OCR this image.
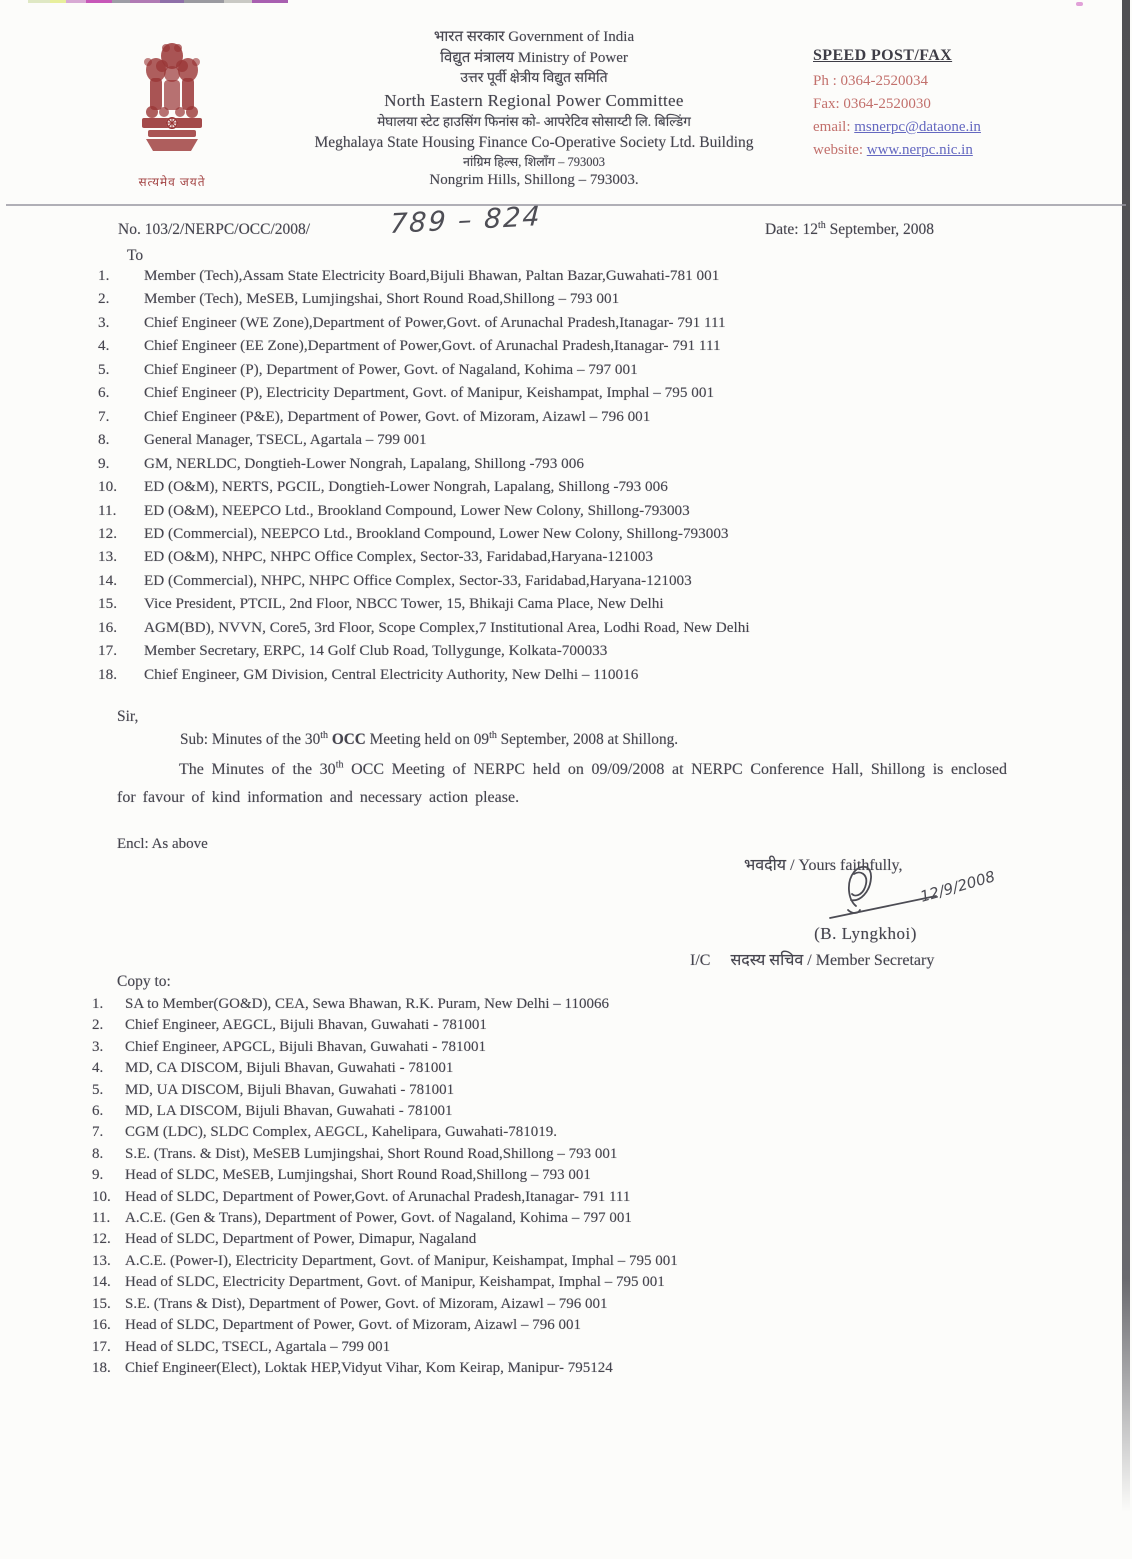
सत्यमेव जयते
भारत सरकार Government of India
विद्युत मंत्रालय Ministry of Power
उत्तर पूर्वी क्षेत्रीय विद्युत समिति
North Eastern Regional Power Committee
मेघालया स्टेट हाउसिंग फिनांस को- आपरेटिव सोसाय्टी लि. बिल्डिंग
Meghalaya State Housing Finance Co-Operative Society Ltd. Building
नांग्रिम हिल्स, शिलाँग – 793003
Nongrim Hills, Shillong – 793003.
SPEED POST/FAX
Ph : 0364-2520034
Fax: 0364-2520030
email: msnerpc@dataone.in
website: www.nerpc.nic.in
No. 103/2/NERPC/OCC/2008/	789 – 824	Date: 12th September, 2008
To
1. Member (Tech),Assam State Electricity Board,Bijuli Bhawan, Paltan Bazar,Guwahati-781 001
2. Member (Tech), MeSEB, Lumjingshai, Short Round Road,Shillong – 793 001
3. Chief Engineer (WE Zone),Department of Power,Govt. of Arunachal Pradesh,Itanagar- 791 111
4. Chief Engineer (EE Zone),Department of Power,Govt. of Arunachal Pradesh,Itanagar- 791 111
5. Chief Engineer (P), Department of Power, Govt. of Nagaland, Kohima – 797 001
6. Chief Engineer (P), Electricity Department, Govt. of Manipur, Keishampat, Imphal – 795 001
7. Chief Engineer (P&E), Department of Power, Govt. of Mizoram, Aizawl – 796 001
8. General Manager, TSECL, Agartala – 799 001
9. GM, NERLDC, Dongtieh-Lower Nongrah, Lapalang, Shillong -793 006
10. ED (O&M), NERTS, PGCIL, Dongtieh-Lower Nongrah, Lapalang, Shillong -793 006
11. ED (O&M), NEEPCO Ltd., Brookland Compound, Lower New Colony, Shillong-793003
12. ED (Commercial), NEEPCO Ltd., Brookland Compound, Lower New Colony, Shillong-793003
13. ED (O&M), NHPC, NHPC Office Complex, Sector-33, Faridabad,Haryana-121003
14. ED (Commercial), NHPC, NHPC Office Complex, Sector-33, Faridabad,Haryana-121003
15. Vice President, PTCIL, 2nd Floor, NBCC Tower, 15, Bhikaji Cama Place, New Delhi
16. AGM(BD), NVVN, Core5, 3rd Floor, Scope Complex,7 Institutional Area, Lodhi Road, New Delhi
17. Member Secretary, ERPC, 14 Golf Club Road, Tollygunge, Kolkata-700033
18. Chief Engineer, GM Division, Central Electricity Authority, New Delhi – 110016
Sir,
Sub: Minutes of the 30th OCC Meeting held on 09th September, 2008 at Shillong.
The Minutes of the 30th OCC Meeting of NERPC held on 09/09/2008 at NERPC Conference Hall, Shillong is enclosed for favour of kind information and necessary action please.
Encl: As above
भवदीय / Yours faithfully,
12/9/2008
(B. Lyngkhoi)
I/C सदस्य सचिव / Member Secretary
Copy to:
1. SA to Member(GO&D), CEA, Sewa Bhawan, R.K. Puram, New Delhi – 110066
2. Chief Engineer, AEGCL, Bijuli Bhavan, Guwahati - 781001
3. Chief Engineer, APGCL, Bijuli Bhavan, Guwahati - 781001
4. MD, CA DISCOM, Bijuli Bhavan, Guwahati - 781001
5. MD, UA DISCOM, Bijuli Bhavan, Guwahati - 781001
6. MD, LA DISCOM, Bijuli Bhavan, Guwahati - 781001
7. CGM (LDC), SLDC Complex, AEGCL, Kahelipara, Guwahati-781019.
8. S.E. (Trans. & Dist), MeSEB Lumjingshai, Short Round Road,Shillong – 793 001
9. Head of SLDC, MeSEB, Lumjingshai, Short Round Road,Shillong – 793 001
10. Head of SLDC, Department of Power,Govt. of Arunachal Pradesh,Itanagar- 791 111
11. A.C.E. (Gen & Trans), Department of Power, Govt. of Nagaland, Kohima – 797 001
12. Head of SLDC, Department of Power, Dimapur, Nagaland
13. A.C.E. (Power-I), Electricity Department, Govt. of Manipur, Keishampat, Imphal – 795 001
14. Head of SLDC, Electricity Department, Govt. of Manipur, Keishampat, Imphal – 795 001
15. S.E. (Trans & Dist), Department of Power, Govt. of Mizoram, Aizawl – 796 001
16. Head of SLDC, Department of Power, Govt. of Mizoram, Aizawl – 796 001
17. Head of SLDC, TSECL, Agartala – 799 001
18. Chief Engineer(Elect), Loktak HEP,Vidyut Vihar, Kom Keirap, Manipur- 795124
